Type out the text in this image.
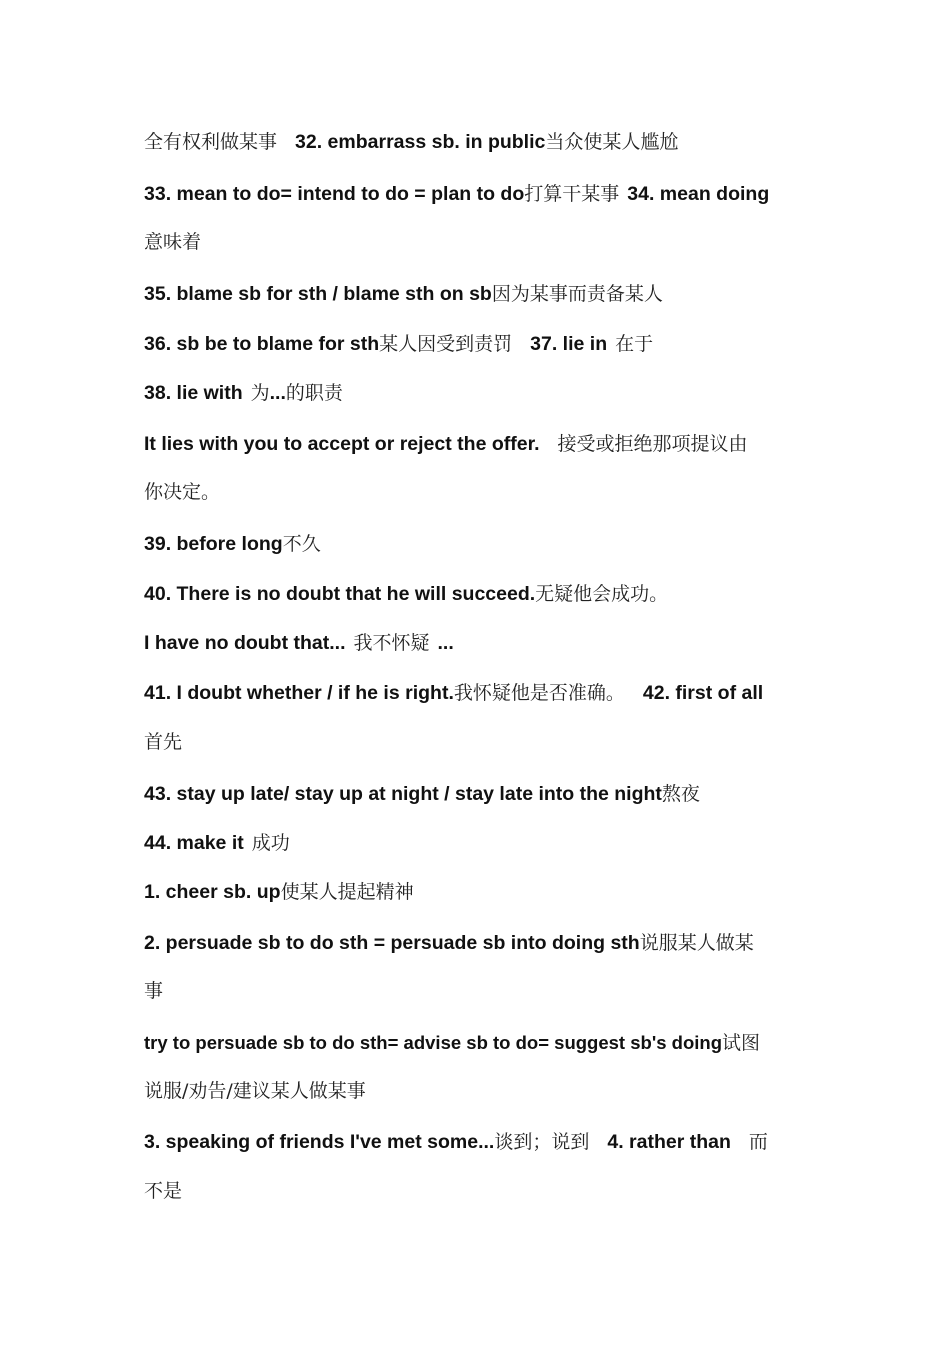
全有权利做某事 32. embarrass sb. in public当众使某人尴尬
33. mean to do= intend to do = plan to do打算干某事 34. mean doing
意味着
35. blame sb for sth / blame sth on sb因为某事而责备某人
36. sb be to blame for sth某人因受到责罚 37. lie in 在于
38. lie with 为...的职责
It lies with you to accept or reject the offer. 接受或拒绝那项提议由
你决定。
39. before long不久
40. There is no doubt that he will succeed.无疑他会成功。
I have no doubt that... 我不怀疑 ...
41. I doubt whether / if he is right.我怀疑他是否准确。 42. first of all
首先
43. stay up late/ stay up at night / stay late into the night熬夜
44. make it 成功
1. cheer sb. up使某人提起精神
2. persuade sb to do sth = persuade sb into doing sth说服某人做某
事
try to persuade sb to do sth= advise sb to do= suggest sb's doing试图
说服/劝告/建议某人做某事
3. speaking of friends I've met some...谈到；说到 4. rather than 而
不是
